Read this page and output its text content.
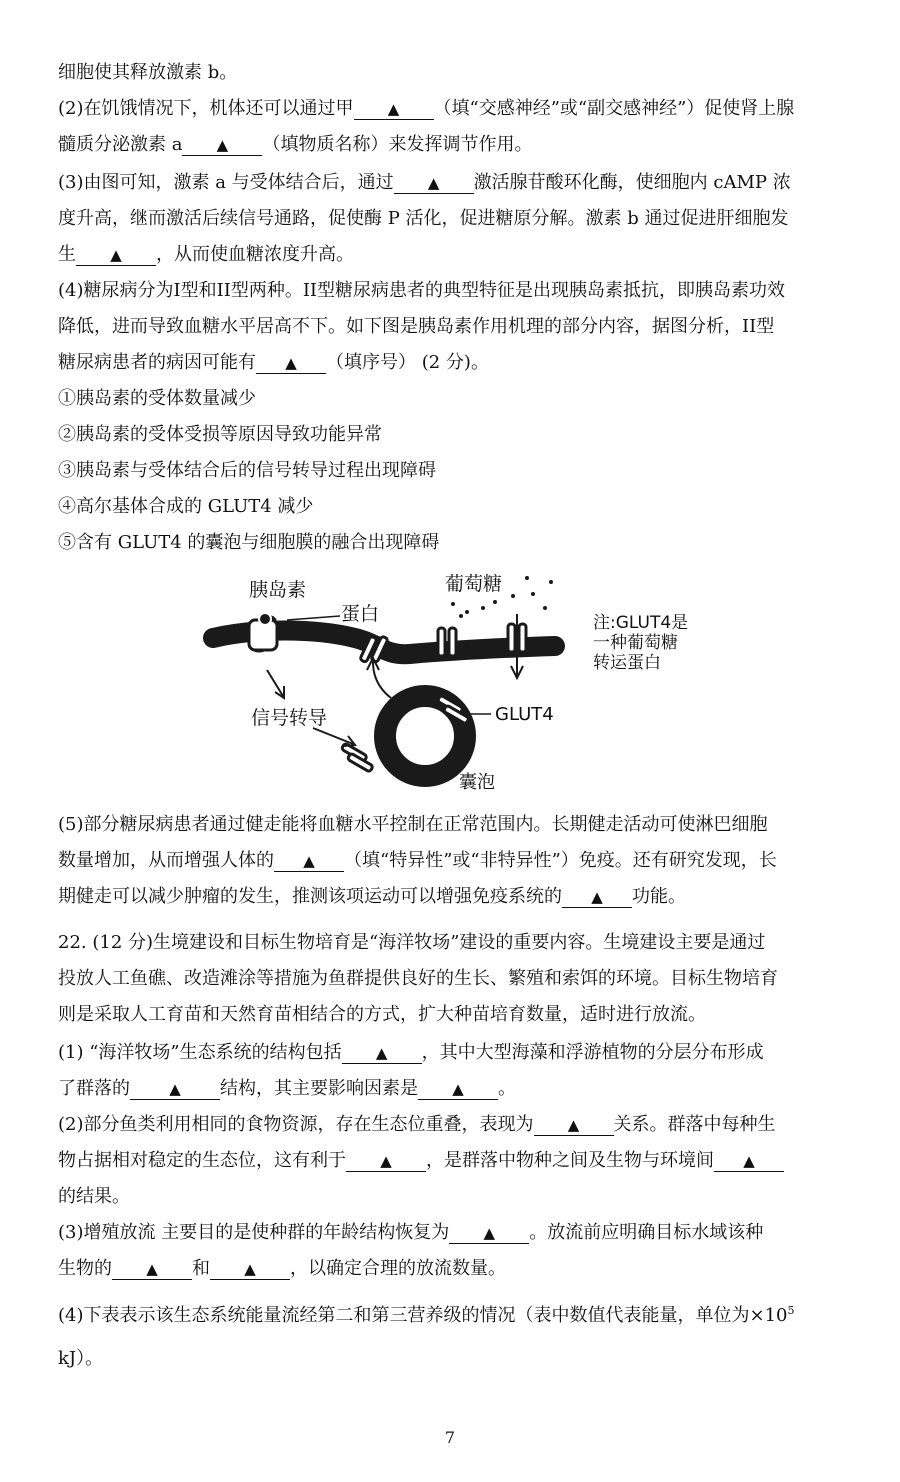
细胞使其释放激素 b。
(2)在饥饿情况下，机体还可以通过甲 ▲ （填“交感神经”或“副交感神经”）促使肾上腺
髓质分泌激素 a ▲ （填物质名称）来发挥调节作用。
(3)由图可知，激素 a 与受体结合后，通过 ▲ 激活腺苷酸环化酶，使细胞内 cAMP 浓
度升高，继而激活后续信号通路，促使酶 P 活化，促进糖原分解。激素 b 通过促进肝细胞发
生 ▲ ，从而使血糖浓度升高。
(4)糖尿病分为I型和II型两种。II型糖尿病患者的典型特征是出现胰岛素抵抗，即胰岛素功效
降低，进而导致血糖水平居高不下。如下图是胰岛素作用机理的部分内容，据图分析，II型
糖尿病患者的病因可能有 ▲ （填序号） (2 分)。
①胰岛素的受体数量减少
②胰岛素的受体受损等原因导致功能异常
③胰岛素与受体结合后的信号转导过程出现障碍
④高尔基体合成的 GLUT4 减少
⑤含有 GLUT4 的囊泡与细胞膜的融合出现障碍
胰岛素
蛋白
葡萄糖
注:GLUT4是
一种葡萄糖
转运蛋白
信号转导	GLUT4
囊泡
(5)部分糖尿病患者通过健走能将血糖水平控制在正常范围内。长期健走活动可使淋巴细胞
数量增加，从而增强人体的 ▲ （填“特异性”或“非特异性”）免疫。还有研究发现，长
期健走可以减少肿瘤的发生，推测该项运动可以增强免疫系统的 ▲ 功能。
22. (12 分)生境建设和目标生物培育是“海洋牧场”建设的重要内容。生境建设主要是通过
投放人工鱼礁、改造滩涂等措施为鱼群提供良好的生长、繁殖和索饵的环境。目标生物培育
则是采取人工育苗和天然育苗相结合的方式，扩大种苗培育数量，适时进行放流。
(1) “海洋牧场”生态系统的结构包括 ▲ ，其中大型海藻和浮游植物的分层分布形成
了群落的	▲ 结构，其主要影响因素是 ▲ 。
(2)部分鱼类利用相同的食物资源，存在生态位重叠，表现为 ▲ 关系。群落中每种生
物占据相对稳定的生态位，这有利于 ▲ ，是群落中物种之间及生物与环境间 ▲
的结果。
(3)增殖放流 主要目的是使种群的年龄结构恢复为 ▲ 。放流前应明确目标水域该种
生物的 ▲ 和 ▲ ，以确定合理的放流数量。
(4)下表表示该生态系统能量流经第二和第三营养级的情况（表中数值代表能量，单位为$\times 10^5$
kJ）。
7
